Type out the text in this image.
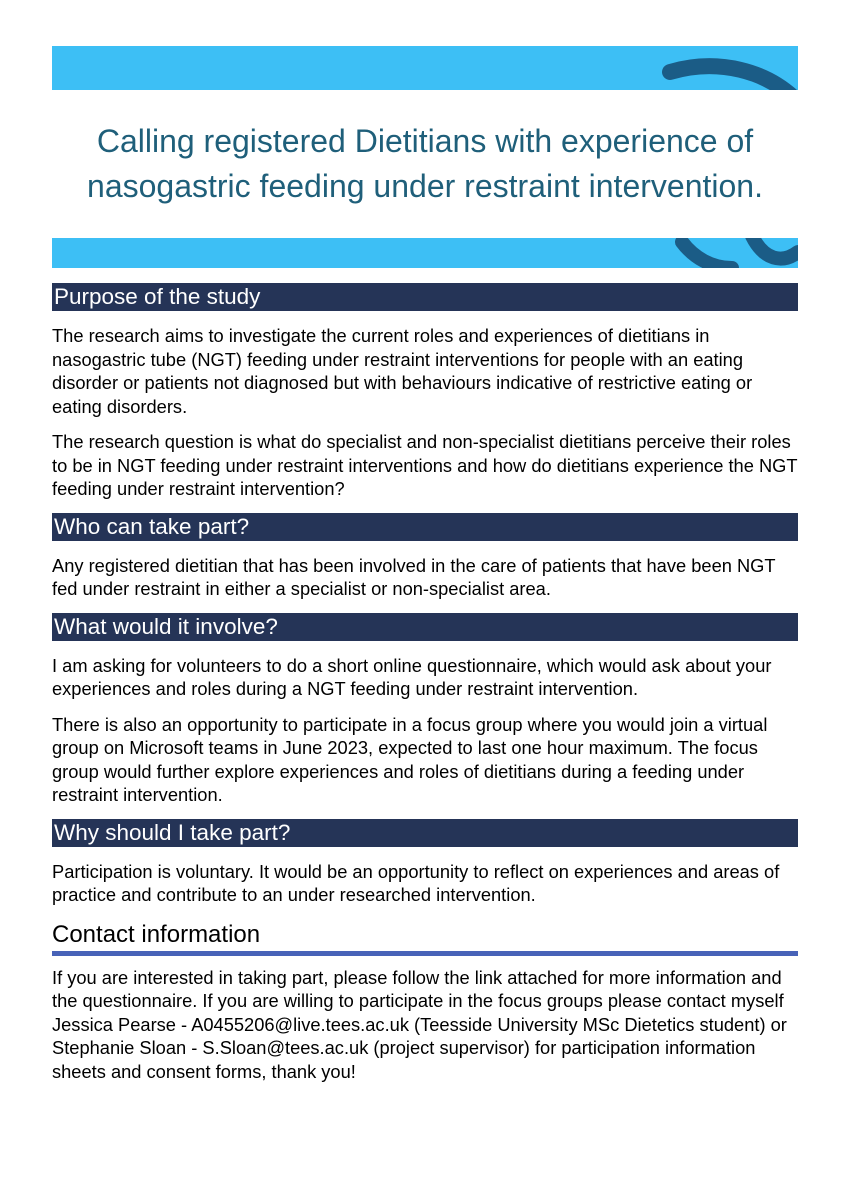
Calling registered Dietitians with experience of
nasogastric feeding under restraint intervention.
Purpose of the study

The research aims to investigate the current roles and experiences of dietitians in nasogastric tube (NGT) feeding under restraint interventions for people with an eating disorder or patients not diagnosed but with behaviours indicative of restrictive eating or eating disorders.

The research question is what do specialist and non-specialist dietitians perceive their roles to be in NGT feeding under restraint interventions and how do dietitians experience the NGT feeding under restraint intervention?

Who can take part?

Any registered dietitian that has been involved in the care of patients that have been NGT fed under restraint in either a specialist or non-specialist area.

What would it involve?

I am asking for volunteers to do a short online questionnaire, which would ask about your experiences and roles during a NGT feeding under restraint intervention.

There is also an opportunity to participate in a focus group where you would join a virtual group on Microsoft teams in June 2023, expected to last one hour maximum. The focus group would further explore experiences and roles of dietitians during a feeding under restraint intervention.

Why should I take part?

Participation is voluntary. It would be an opportunity to reflect on experiences and areas of practice and contribute to an under researched intervention.

Contact information

If you are interested in taking part, please follow the link attached for more information and the questionnaire. If you are willing to participate in the focus groups please contact myself Jessica Pearse - A0455206@live.tees.ac.uk (Teesside University MSc Dietetics student) or Stephanie Sloan - S.Sloan@tees.ac.uk (project supervisor) for participation information sheets and consent forms, thank you!
